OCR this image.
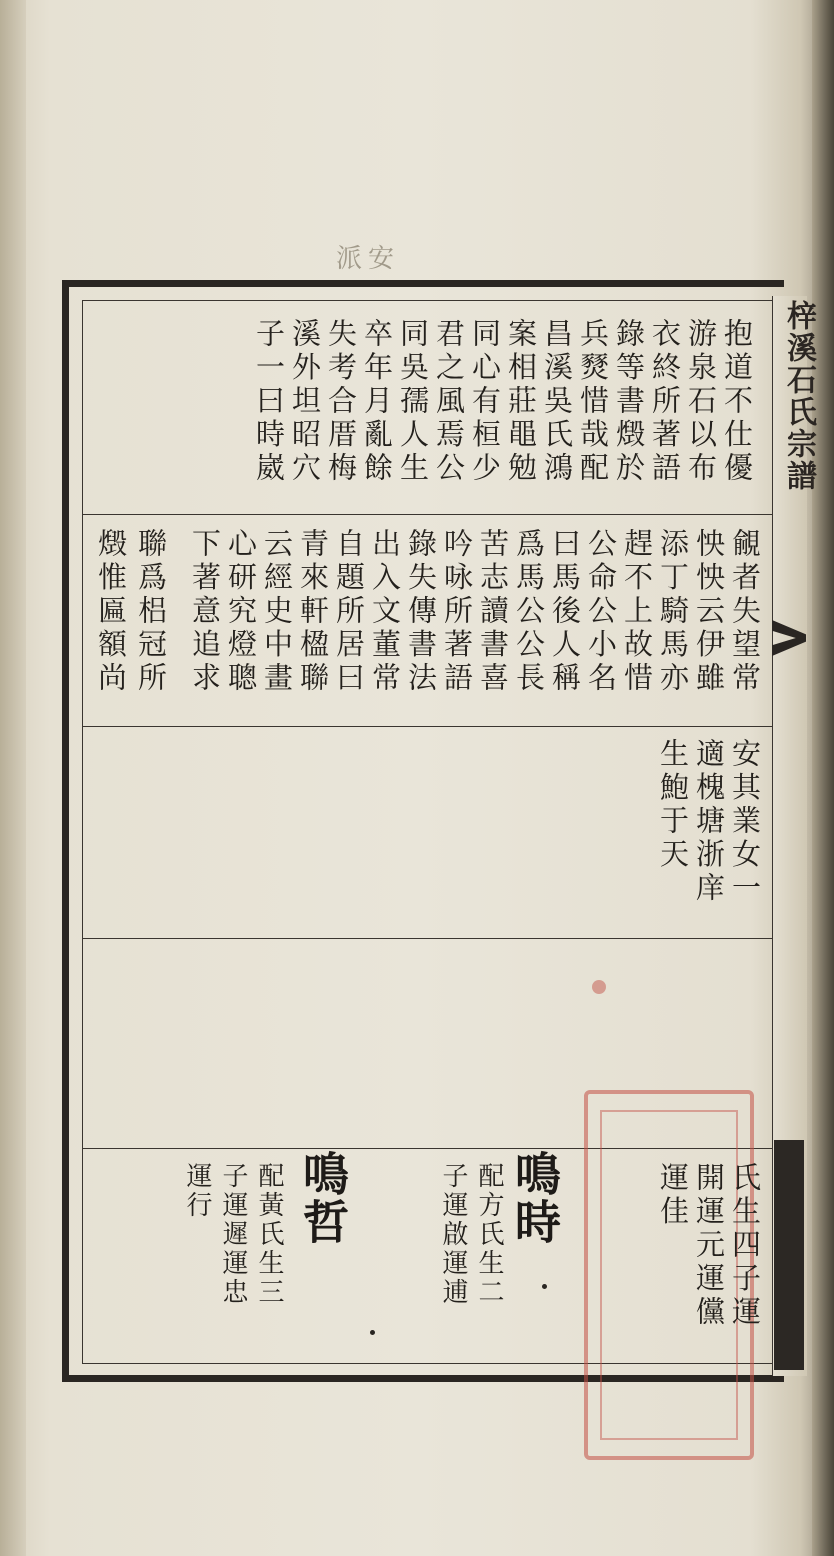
派安

梓溪石氏宗譜
抱道不仕優
游泉石以布
衣終所著語
錄等書燬於
兵燹惜哉配
昌溪吳氏鴻
案相莊黽勉
同心有桓少
君之風焉公
同吳孺人生
卒年月亂餘
失考合厝梅
溪外坦昭穴
子一曰時崴
覦者失望常
怏怏云伊雖
添丁騎馬亦
趕不上故惜
公命公小名
曰馬後人稱
爲馬公公長
苦志讀書喜
吟咏所著語
錄失傳書法
出入文董常
自題所居曰
青來軒楹聯
云經史中畫
心研究燈聰
下著意追求
聯爲梠冠所
燬惟匾額尚
安其業女一
適槐塘浙庠
生鮑于天
氏生四子運
開運元運儻
運佳
鳴時
配方氏生二
子運啟運逋
鳴哲
配黃氏生三
子運遲運忠
運行
